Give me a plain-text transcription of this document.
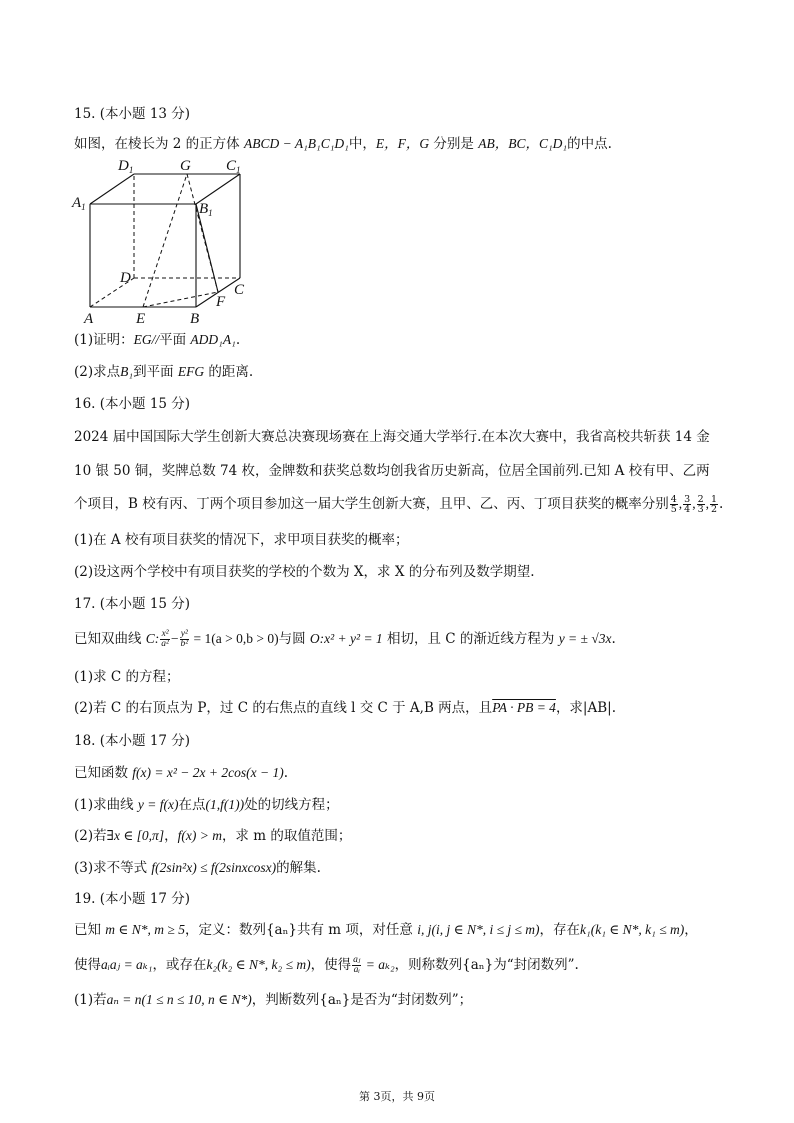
15. (本小题 13 分)
如图，在棱长为 2 的正方体 ABCD − A₁B₁C₁D₁中，E，F，G 分别是 AB，BC，C₁D₁的中点.
$D_1$	G $C_1$
$A_1$	$B_1$
D
C
F
A	E	B
(1)证明：EG//平面 ADD₁A₁.
(2)求点B₁到平面 EFG 的距离.
16. (本小题 15 分)
2024 届中国国际大学生创新大赛总决赛现场赛在上海交通大学举行.在本次大赛中，我省高校共斩获 14 金
10 银 50 铜，奖牌总数 74 枚，金牌数和获奖总数均创我省历史新高，位居全国前列.已知 A 校有甲、乙两
个项目，B 校有丙、丁两个项目参加这一届大学生创新大赛，且甲、乙、丙、丁项目获奖的概率分别 $\frac{4}{5}$ , $\frac{3}{4}$ , $\frac{2}{3}$ , $\frac{1}{2}$ .
(1)在 A 校有项目获奖的情况下，求甲项目获奖的概率；
(2)设这两个学校中有项目获奖的学校的个数为 X，求 X 的分布列及数学期望.
17. (本小题 15 分)
已知双曲线 C: $\frac{\text{x²}}{\text{a²}} - \frac{\text{y²}}{\text{b²}} = 1(a > 0,b > 0)$与圆 O:x² + y² = 1 相切，且 C 的渐近线方程为 y = ± √3x.
(1)求 C 的方程；
(2)若 C 的右顶点为 P，过 C 的右焦点的直线 l 交 C 于 A,B 两点，且PA · PB = 4，求|AB|.
18. (本小题 17 分)
已知函数 f(x) = x² − 2x + 2cos(x − 1).
(1)求曲线 y = f(x)在点(1,f(1))处的切线方程；
(2)若∃x ∈ [0,π]，f(x) > m，求 m 的取值范围；
(3)求不等式 f(2sin²x) ≤ f(2sinxcosx)的解集.
19. (本小题 17 分)
已知 m ∈ N*, m ≥ 5，定义：数列{aₙ}共有 m 项，对任意 i, j(i, j ∈ N*, i ≤ j ≤ m)，存在k₁(k₁ ∈ N*, k₁ ≤ m)，
使得aᵢaⱼ = aₖ₁，或存在k₂(k₂ ∈ N*, k₂ ≤ m)，使得 $\frac{\text{aⱼ}}{\text{aᵢ}} = a_{k2}$，则称数列{aₙ}为“封闭数列”.
(1)若aₙ = n(1 ≤ n ≤ 10, n ∈ N*)，判断数列{aₙ}是否为“封闭数列”；
第 3页，共 9页
